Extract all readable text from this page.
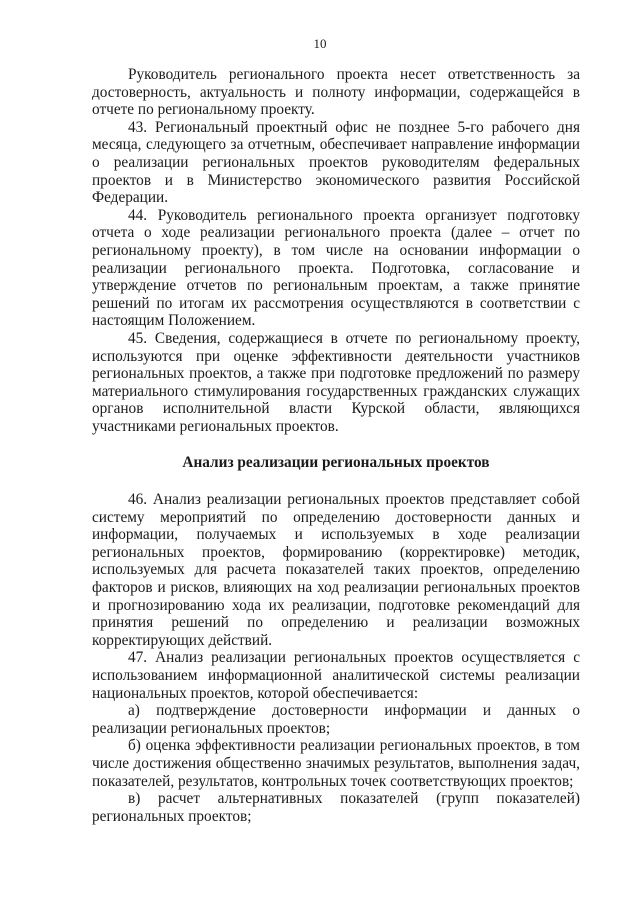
10

Руководитель регионального проекта несет ответственность за достоверность, актуальность и полноту информации, содержащейся в отчете по региональному проекту.

43. Региональный проектный офис не позднее 5-го рабочего дня месяца, следующего за отчетным, обеспечивает направление информации о реализации региональных проектов руководителям федеральных проектов и в Министерство экономического развития Российской Федерации.

44. Руководитель регионального проекта организует подготовку отчета о ходе реализации регионального проекта (далее – отчет по региональному проекту), в том числе на основании информации о реализации регионального проекта. Подготовка, согласование и утверждение отчетов по региональным проектам, а также принятие решений по итогам их рассмотрения осуществляются в соответствии с настоящим Положением.

45. Сведения, содержащиеся в отчете по региональному проекту, используются при оценке эффективности деятельности участников региональных проектов, а также при подготовке предложений по размеру материального стимулирования государственных гражданских служащих органов исполнительной власти Курской области, являющихся участниками региональных проектов.

Анализ реализации региональных проектов

46. Анализ реализации региональных проектов представляет собой систему мероприятий по определению достоверности данных и информации, получаемых и используемых в ходе реализации региональных проектов, формированию (корректировке) методик, используемых для расчета показателей таких проектов, определению факторов и рисков, влияющих на ход реализации региональных проектов и прогнозированию хода их реализации, подготовке рекомендаций для принятия решений по определению и реализации возможных корректирующих действий.

47. Анализ реализации региональных проектов осуществляется с использованием информационной аналитической системы реализации национальных проектов, которой обеспечивается:

а) подтверждение достоверности информации и данных о реализации региональных проектов;

б) оценка эффективности реализации региональных проектов, в том числе достижения общественно значимых результатов, выполнения задач, показателей, результатов, контрольных точек соответствующих проектов;

в) расчет альтернативных показателей (групп показателей) региональных проектов;
